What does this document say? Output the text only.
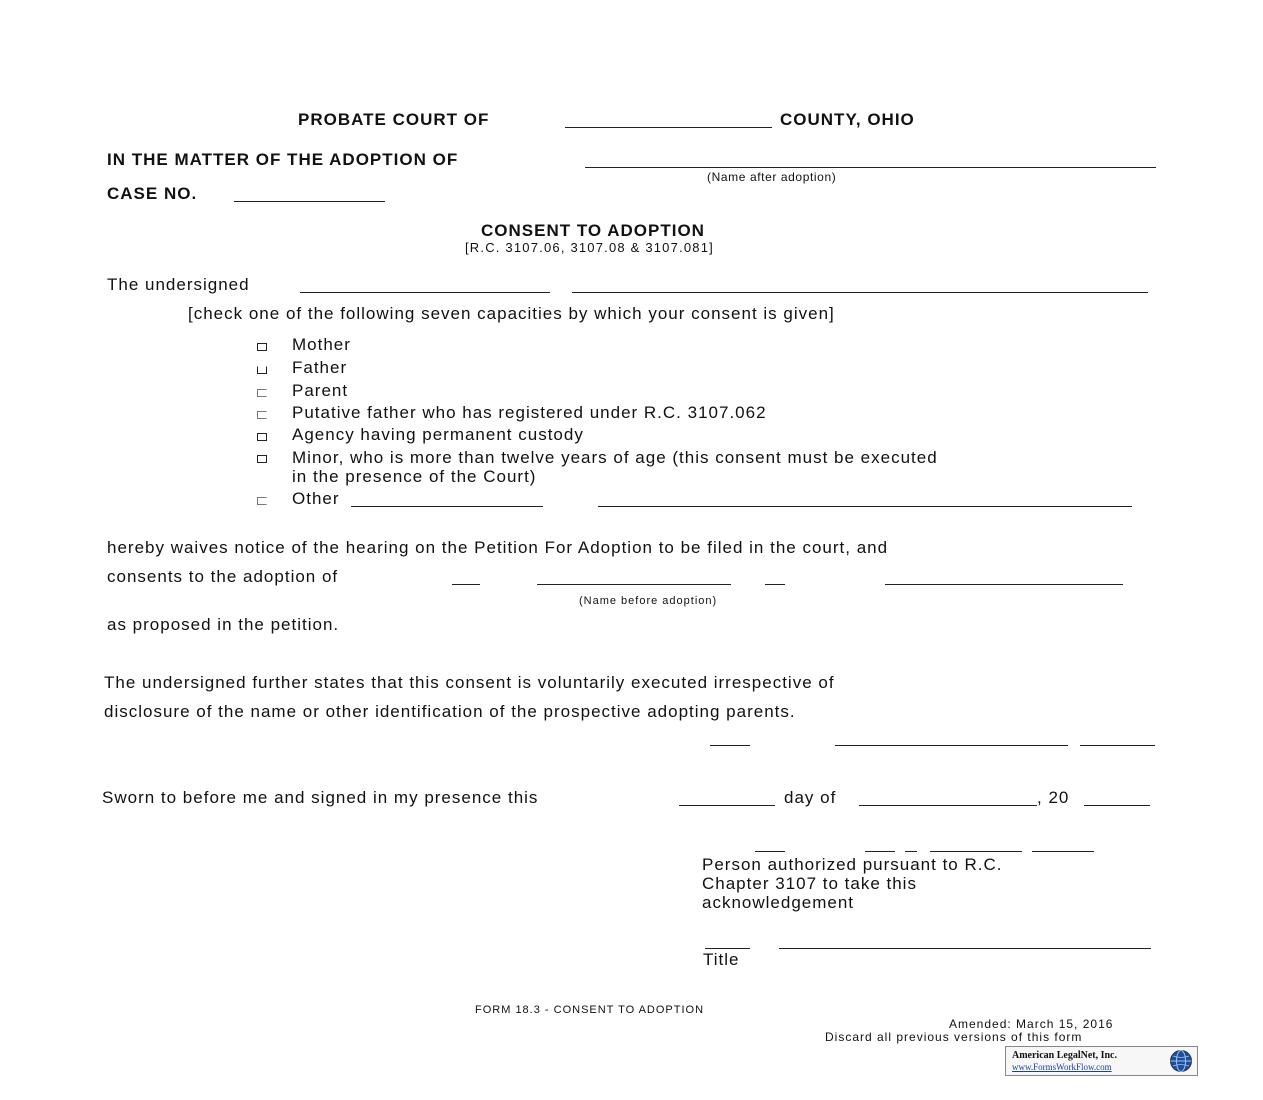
PROBATE COURT OF	COUNTY, OHIO
IN THE MATTER OF THE ADOPTION OF
(Name after adoption)
CASE NO.
CONSENT TO ADOPTION
[R.C. 3107.06, 3107.08 & 3107.081]
The undersigned
[check one of the following seven capacities by which your consent is given]
Mother
Father
Parent
Putative father who has registered under R.C. 3107.062
Agency having permanent custody
Minor, who is more than twelve years of age (this consent must be executed
in the presence of the Court)
Other
hereby waives notice of the hearing on the Petition For Adoption to be filed in the court, and
consents to the adoption of
(Name before adoption)
as proposed in the petition.
The undersigned further states that this consent is voluntarily executed irrespective of
disclosure of the name or other identification of the prospective adopting parents.
Sworn to before me and signed in my presence this	day of	, 20
Person authorized pursuant to R.C.
Chapter 3107 to take this
acknowledgement
Title
FORM 18.3 - CONSENT TO ADOPTION
Amended: March 15, 2016
Discard all previous versions of this form
American LegalNet, Inc.
www.FormsWorkFlow.com
